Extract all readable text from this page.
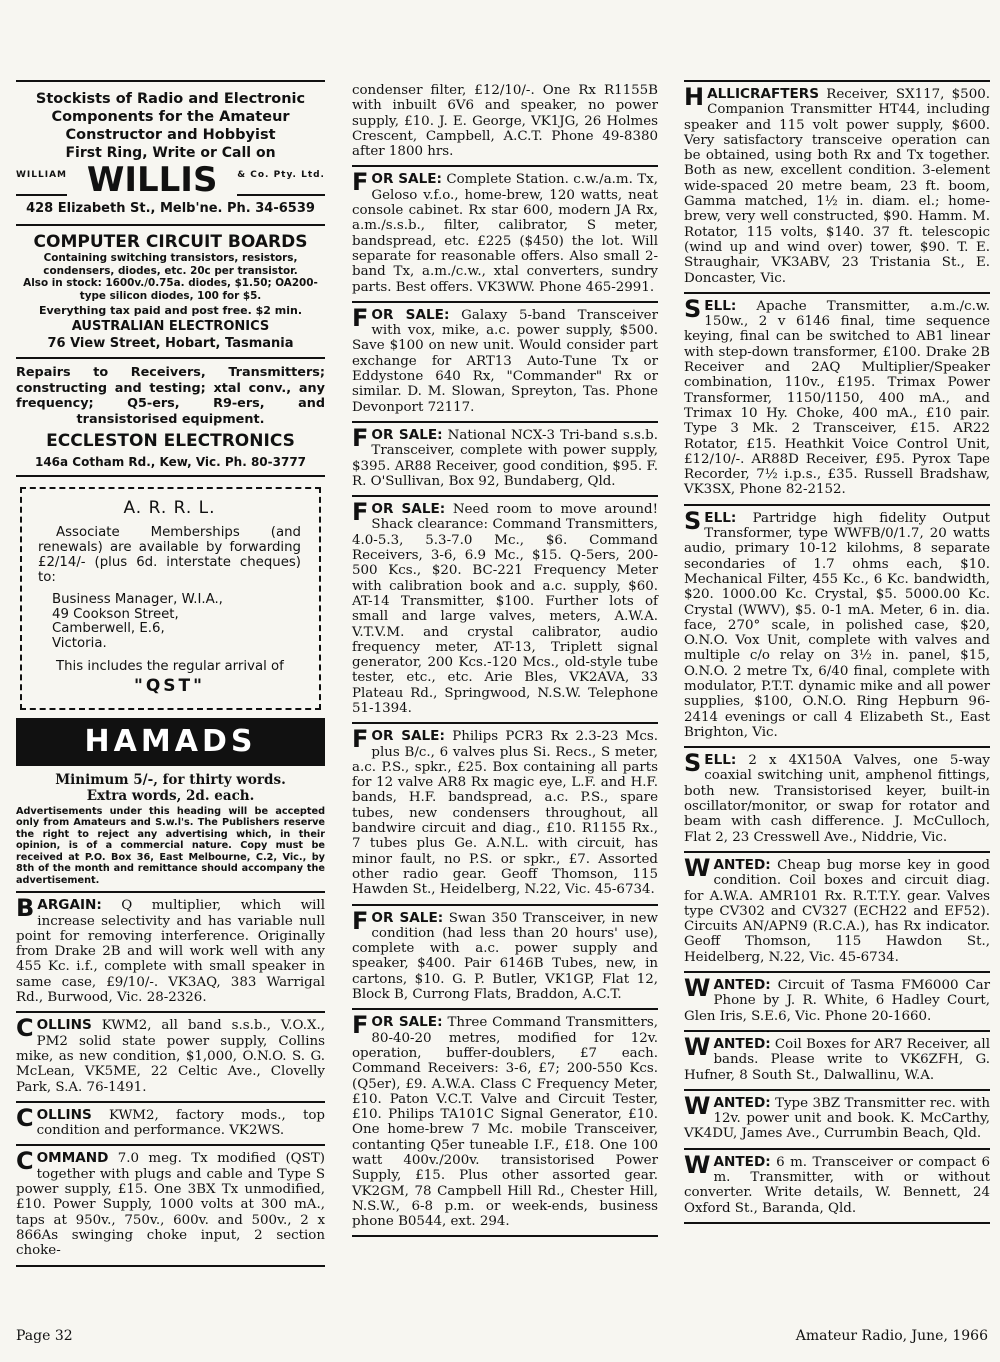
Stockists of Radio and Electronic Components for the Amateur Constructor and Hobbyist
First Ring, Write or Call on
WILLIAM WILLIS & Co. Pty. Ltd.
428 Elizabeth St., Melb'ne. Ph. 34-6539
COMPUTER CIRCUIT BOARDS
Containing switching transistors, resistors, condensers, diodes, etc. 20c per transistor.
Also in stock: 1600v./0.75a. diodes, $1.50; OA200-type silicon diodes, 100 for $5.
Everything tax paid and post free. $2 min.
AUSTRALIAN ELECTRONICS
76 View Street, Hobart, Tasmania
Repairs to Receivers, Transmitters; constructing and testing; xtal conv., any frequency; Q5-ers, R9-ers, and transistorised equipment.
ECCLESTON ELECTRONICS
146a Cotham Rd., Kew, Vic. Ph. 80-3777
A. R. R. L.

Associate Memberships (and renewals) are available by forwarding £2/14/- (plus 6d. interstate cheques) to:

Business Manager, W.I.A.,
49 Cookson Street,
Camberwell, E.6,
Victoria.

This includes the regular arrival of

"QST"
HAMADS
Minimum 5/-, for thirty words.
Extra words, 2d. each.
Advertisements under this heading will be accepted only from Amateurs and S.w.l's. The Publishers reserve the right to reject any advertising which, in their opinion, is of a commercial nature. Copy must be received at P.O. Box 36, East Melbourne, C.2, Vic., by 8th of the month and remittance should accompany the advertisement.
BARGAIN: Q multiplier, which will increase selectivity and has variable null point for removing interference. Originally from Drake 2B and will work well with any 455 Kc. i.f., complete with small speaker in same case, £9/10/-. VK3AQ, 383 Warrigal Rd., Burwood, Vic. 28-2326.
COLLINS KWM2, all band s.s.b., V.O.X., PM2 solid state power supply, Collins mike, as new condition, $1,000, O.N.O. S. G. McLean, VK5ME, 22 Celtic Ave., Clovelly Park, S.A. 76-1491.
COLLINS KWM2, factory mods., top condition and performance. VK2WS.
COMMAND 7.0 meg. Tx modified (QST) together with plugs and cable and Type S power supply, £15. One 3BX Tx unmodified, £10. Power Supply, 1000 volts at 300 mA., taps at 950v., 750v., 600v. and 500v., 2 x 866As swinging choke input, 2 section choke-
condenser filter, £12/10/-. One Rx R1155B with inbuilt 6V6 and speaker, no power supply, £10. J. E. George, VK1JG, 26 Holmes Crescent, Campbell, A.C.T. Phone 49-8380 after 1800 hrs.
FOR SALE: Complete Station. c.w./a.m. Tx, Geloso v.f.o., home-brew, 120 watts, neat console cabinet. Rx star 600, modern JA Rx, a.m./s.s.b., filter, calibrator, S meter, bandspread, etc. £225 ($450) the lot. Will separate for reasonable offers. Also small 2-band Tx, a.m./c.w., xtal converters, sundry parts. Best offers. VK3WW. Phone 465-2991.
FOR SALE: Galaxy 5-band Transceiver with vox, mike, a.c. power supply, $500. Save $100 on new unit. Would consider part exchange for ART13 Auto-Tune Tx or Eddystone 640 Rx, "Commander" Rx or similar. D. M. Slowan, Spreyton, Tas. Phone Devonport 72117.
FOR SALE: National NCX-3 Tri-band s.s.b. Transceiver, complete with power supply, $395. AR88 Receiver, good condition, $95. F. R. O'Sullivan, Box 92, Bundaberg, Qld.
FOR SALE: Need room to move around! Shack clearance: Command Transmitters, 4.0-5.3, 5.3-7.0 Mc., $6. Command Receivers, 3-6, 6.9 Mc., $15. Q-5ers, 200-500 Kcs., $20. BC-221 Frequency Meter with calibration book and a.c. supply, $60. AT-14 Transmitter, $100. Further lots of small and large valves, meters, A.W.A. V.T.V.M. and crystal calibrator, audio frequency meter, AT-13, Triplett signal generator, 200 Kcs.-120 Mcs., old-style tube tester, etc., etc. Arie Bles, VK2AVA, 33 Plateau Rd., Springwood, N.S.W. Telephone 51-1394.
FOR SALE: Philips PCR3 Rx 2.3-23 Mcs. plus B/c., 6 valves plus Si. Recs., S meter, a.c. P.S., spkr., £25. Box containing all parts for 12 valve AR8 Rx magic eye, L.F. and H.F. bands, H.F. bandspread, a.c. P.S., spare tubes, new condensers throughout, all bandwire circuit and diag., £10. R1155 Rx., 7 tubes plus Ge. A.N.L. with circuit, has minor fault, no P.S. or spkr., £7. Assorted other radio gear. Geoff Thomson, 115 Hawden St., Heidelberg, N.22, Vic. 45-6734.
FOR SALE: Swan 350 Transceiver, in new condition (had less than 20 hours' use), complete with a.c. power supply and speaker, $400. Pair 6146B Tubes, new, in cartons, $10. G. P. Butler, VK1GP, Flat 12, Block B, Currong Flats, Braddon, A.C.T.
FOR SALE: Three Command Transmitters, 80-40-20 metres, modified for 12v. operation, buffer-doublers, £7 each. Command Receivers: 3-6, £7; 200-550 Kcs. (Q5er), £9. A.W.A. Class C Frequency Meter, £10. Paton V.C.T. Valve and Circuit Tester, £10. Philips TA101C Signal Generator, £10. One home-brew 7 Mc. mobile Transceiver, contanting Q5er tuneable I.F., £18. One 100 watt 400v./200v. transistorised Power Supply, £15. Plus other assorted gear. VK2GM, 78 Campbell Hill Rd., Chester Hill, N.S.W., 6-8 p.m. or week-ends, business phone B0544, ext. 294.
HALLICRAFTERS Receiver, SX117, $500. Companion Transmitter HT44, including speaker and 115 volt power supply, $600. Very satisfactory transceive operation can be obtained, using both Rx and Tx together. Both as new, excellent condition. 3-element wide-spaced 20 metre beam, 23 ft. boom, Gamma matched, 1½ in. diam. el.; home-brew, very well constructed, $90. Hamm. M. Rotator, 115 volts, $140. 37 ft. telescopic (wind up and wind over) tower, $90. T. E. Straughair, VK3ABV, 23 Tristania St., E. Doncaster, Vic.
SELL: Apache Transmitter, a.m./c.w. 150w., 2 v 6146 final, time sequence keying, final can be switched to AB1 linear with step-down transformer, £100. Drake 2B Receiver and 2AQ Multiplier/Speaker combination, 110v., £195. Trimax Power Transformer, 1150/1150, 400 mA., and Trimax 10 Hy. Choke, 400 mA., £10 pair. Type 3 Mk. 2 Transceiver, £15. AR22 Rotator, £15. Heathkit Voice Control Unit, £12/10/-. AR88D Receiver, £95. Pyrox Tape Recorder, 7½ i.p.s., £35. Russell Bradshaw, VK3SX, Phone 82-2152.
SELL: Partridge high fidelity Output Transformer, type WWFB/0/1.7, 20 watts audio, primary 10-12 kilohms, 8 separate secondaries of 1.7 ohms each, $10. Mechanical Filter, 455 Kc., 6 Kc. bandwidth, $20. 1000.00 Kc. Crystal, $5. 5000.00 Kc. Crystal (WWV), $5. 0-1 mA. Meter, 6 in. dia. face, 270° scale, in polished case, $20, O.N.O. Vox Unit, complete with valves and multiple c/o relay on 3½ in. panel, $15, O.N.O. 2 metre Tx, 6/40 final, complete with modulator, P.T.T. dynamic mike and all power supplies, $100, O.N.O. Ring Hepburn 96-2414 evenings or call 4 Elizabeth St., East Brighton, Vic.
SELL: 2 x 4X150A Valves, one 5-way coaxial switching unit, amphenol fittings, both new. Transistorised keyer, built-in oscillator/monitor, or swap for rotator and beam with cash difference. J. McCulloch, Flat 2, 23 Cresswell Ave., Niddrie, Vic.
WANTED: Cheap bug morse key in good condition. Coil boxes and circuit diag. for A.W.A. AMR101 Rx. R.T.T.Y. gear. Valves type CV302 and CV327 (ECH22 and EF52). Circuits AN/APN9 (R.C.A.), has Rx indicator. Geoff Thomson, 115 Hawdon St., Heidelberg, N.22, Vic. 45-6734.
WANTED: Circuit of Tasma FM6000 Car Phone by J. R. White, 6 Hadley Court, Glen Iris, S.E.6, Vic. Phone 20-1660.
WANTED: Coil Boxes for AR7 Receiver, all bands. Please write to VK6ZFH, G. Hufner, 8 South St., Dalwallinu, W.A.
WANTED: Type 3BZ Transmitter rec. with 12v. power unit and book. K. McCarthy, VK4DU, James Ave., Currumbin Beach, Qld.
WANTED: 6 m. Transceiver or compact 6 m. Transmitter, with or without converter. Write details, W. Bennett, 24 Oxford St., Baranda, Qld.
Page 32	Amateur Radio, June, 1966
